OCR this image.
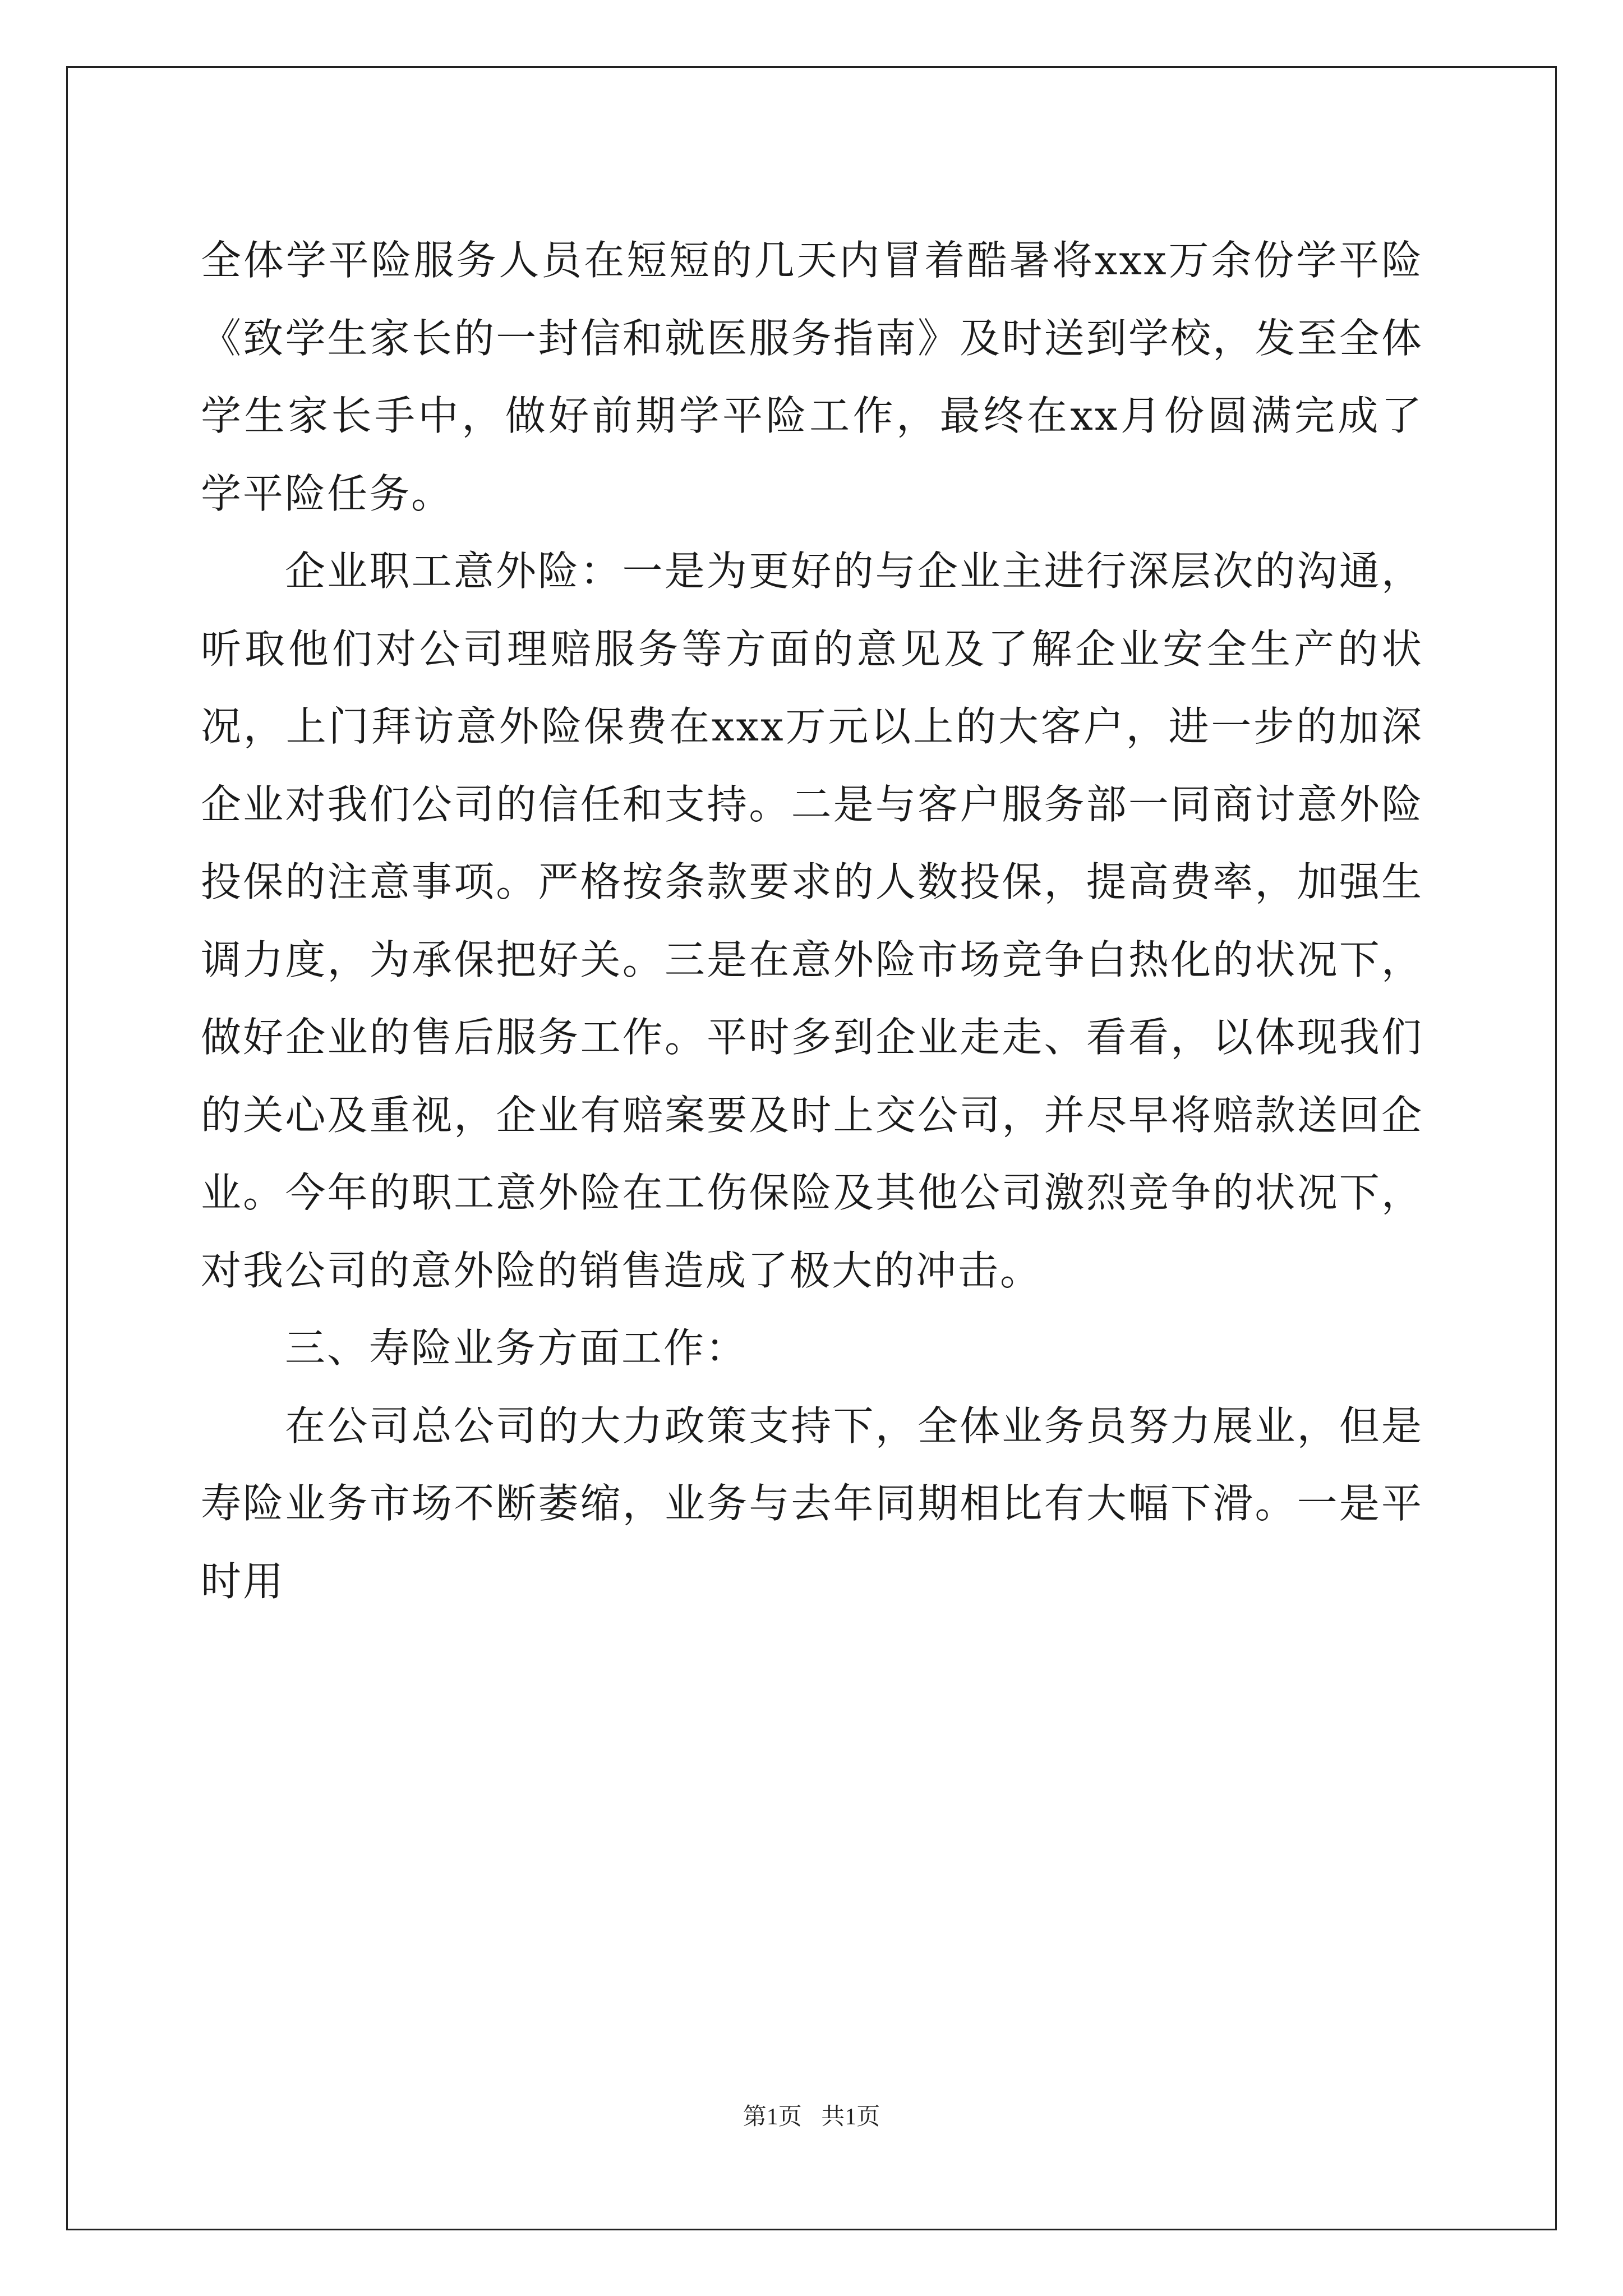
全体学平险服务人员在短短的几天内冒着酷暑将xxx万余份学平险《致学生家长的一封信和就医服务指南》及时送到学校，发至全体学生家长手中，做好前期学平险工作，最终在xx月份圆满完成了学平险任务。

企业职工意外险：一是为更好的与企业主进行深层次的沟通，听取他们对公司理赔服务等方面的意见及了解企业安全生产的状况，上门拜访意外险保费在xxx万元以上的大客户，进一步的加深企业对我们公司的信任和支持。二是与客户服务部一同商讨意外险投保的注意事项。严格按条款要求的人数投保，提高费率，加强生调力度，为承保把好关。三是在意外险市场竞争白热化的状况下，做好企业的售后服务工作。平时多到企业走走、看看，以体现我们的关心及重视，企业有赔案要及时上交公司，并尽早将赔款送回企业。今年的职工意外险在工伤保险及其他公司激烈竞争的状况下，对我公司的意外险的销售造成了极大的冲击。

三、寿险业务方面工作：

在公司总公司的大力政策支持下，全体业务员努力展业，但是寿险业务市场不断萎缩，业务与去年同期相比有大幅下滑。一是平时用

第1页 共1页
